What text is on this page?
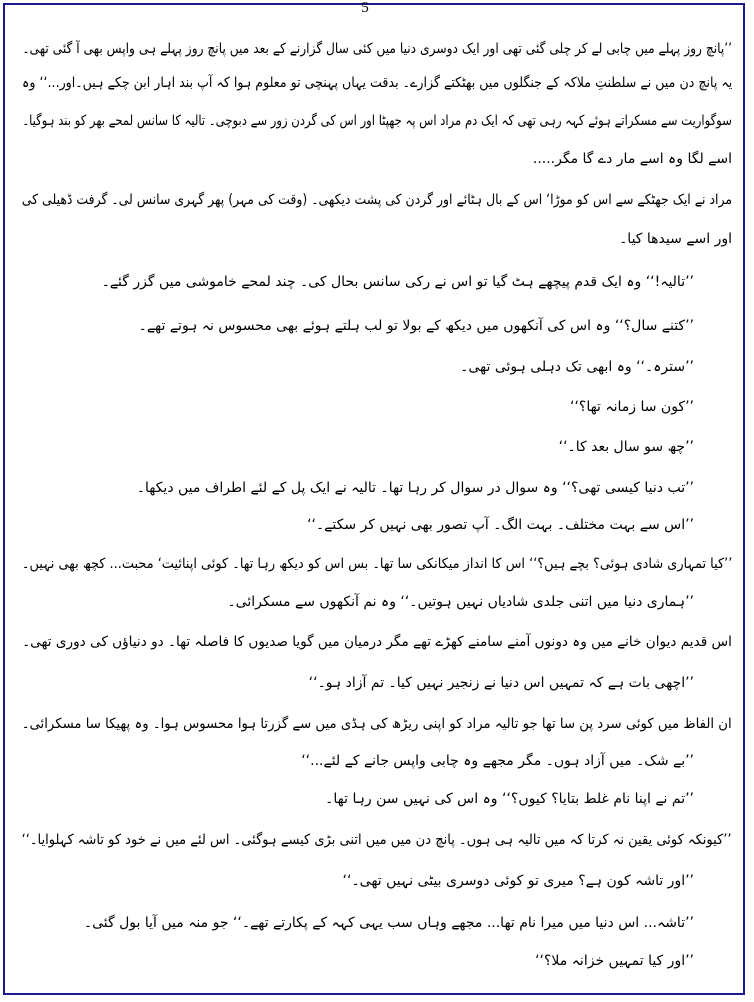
5
’’پانچ روز پہلے میں چابی لے کر چلی گئی تھی اور ایک دوسری دنیا میں کئی سال گزارنے کے بعد میں پانچ روز پہلے ہی واپس بھی آ گئی تھی۔
یہ پانچ دن میں نے سلطنتِ ملاکہ کے جنگلوں میں بھٹکتے گزارے۔ بدقت یہاں پہنچی تو معلوم ہوا کہ آپ بند اہار ابن چکے ہیں۔اور...‘‘ وہ
سوگواریت سے مسکراتے ہوئے کہہ رہی تھی کہ ایک دم مراد اس پہ جھپٹا اور اس کی گردن زور سے دبوچی۔ تالیہ کا سانس لمحے بھر کو بند ہوگیا۔
اسے لگا وہ اسے مار دے گا مگر.....
مراد نے ایک جھٹکے سے اس کو موڑا‘ اس کے بال ہٹائے اور گردن کی پشت دیکھی۔ (وقت کی مہر) پھر گہری سانس لی۔ گرفت ڈھیلی کی
اور اسے سیدھا کیا۔
’’تالیہ!‘‘ وہ ایک قدم پیچھے ہٹ گیا تو اس نے رکی سانس بحال کی۔ چند لمحے خاموشی میں گزر گئے۔
’’کتنے سال؟‘‘ وہ اس کی آنکھوں میں دیکھ کے بولا تو لب ہلتے ہوئے بھی محسوس نہ ہوتے تھے۔
’’سترہ۔‘‘ وہ ابھی تک دہلی ہوئی تھی۔
’’کون سا زمانہ تھا؟‘‘
’’چھ سو سال بعد کا۔‘‘
’’تب دنیا کیسی تھی؟‘‘ وہ سوال در سوال کر رہا تھا۔ تالیہ نے ایک پل کے لئے اطراف میں دیکھا۔
’’اس سے بہت مختلف۔ بہت الگ۔ آپ تصور بھی نہیں کر سکتے۔‘‘
’’کیا تمہاری شادی ہوئی؟ بچے ہیں؟‘‘ اس کا انداز میکانکی سا تھا۔ بس اس کو دیکھ رہا تھا۔ کوئی اپنائیت‘ محبت... کچھ بھی نہیں۔
’’ہماری دنیا میں اتنی جلدی شادیاں نہیں ہوتیں۔‘‘ وہ نم آنکھوں سے مسکرائی۔
اس قدیم دیوان خانے میں وہ دونوں آمنے سامنے کھڑے تھے مگر درمیان میں گویا صدیوں کا فاصلہ تھا۔ دو دنیاؤں کی دوری تھی۔
’’اچھی بات ہے کہ تمہیں اس دنیا نے زنجیر نہیں کیا۔ تم آزاد ہو۔‘‘
ان الفاظ میں کوئی سرد پن سا تھا جو تالیہ مراد کو اپنی ریڑھ کی ہڈی میں سے گزرتا ہوا محسوس ہوا۔ وہ پھیکا سا مسکرائی۔
’’بے شک۔ میں آزاد ہوں۔ مگر مجھے وہ چابی واپس جانے کے لئے...‘‘
’’تم نے اپنا نام غلط بتایا؟ کیوں؟‘‘ وہ اس کی نہیں سن رہا تھا۔
’’کیونکہ کوئی یقین نہ کرتا کہ میں تالیہ ہی ہوں۔ پانچ دن میں میں اتنی بڑی کیسے ہوگئی۔ اس لئے میں نے خود کو تاشہ کہلوایا۔‘‘
’’اور تاشہ کون ہے؟ میری تو کوئی دوسری بیٹی نہیں تھی۔‘‘
’’تاشہ... اس دنیا میں میرا نام تھا... مجھے وہاں سب یہی کہہ کے پکارتے تھے۔‘‘ جو منہ میں آیا بول گئی۔
’’اور کیا تمہیں خزانہ ملا؟‘‘
